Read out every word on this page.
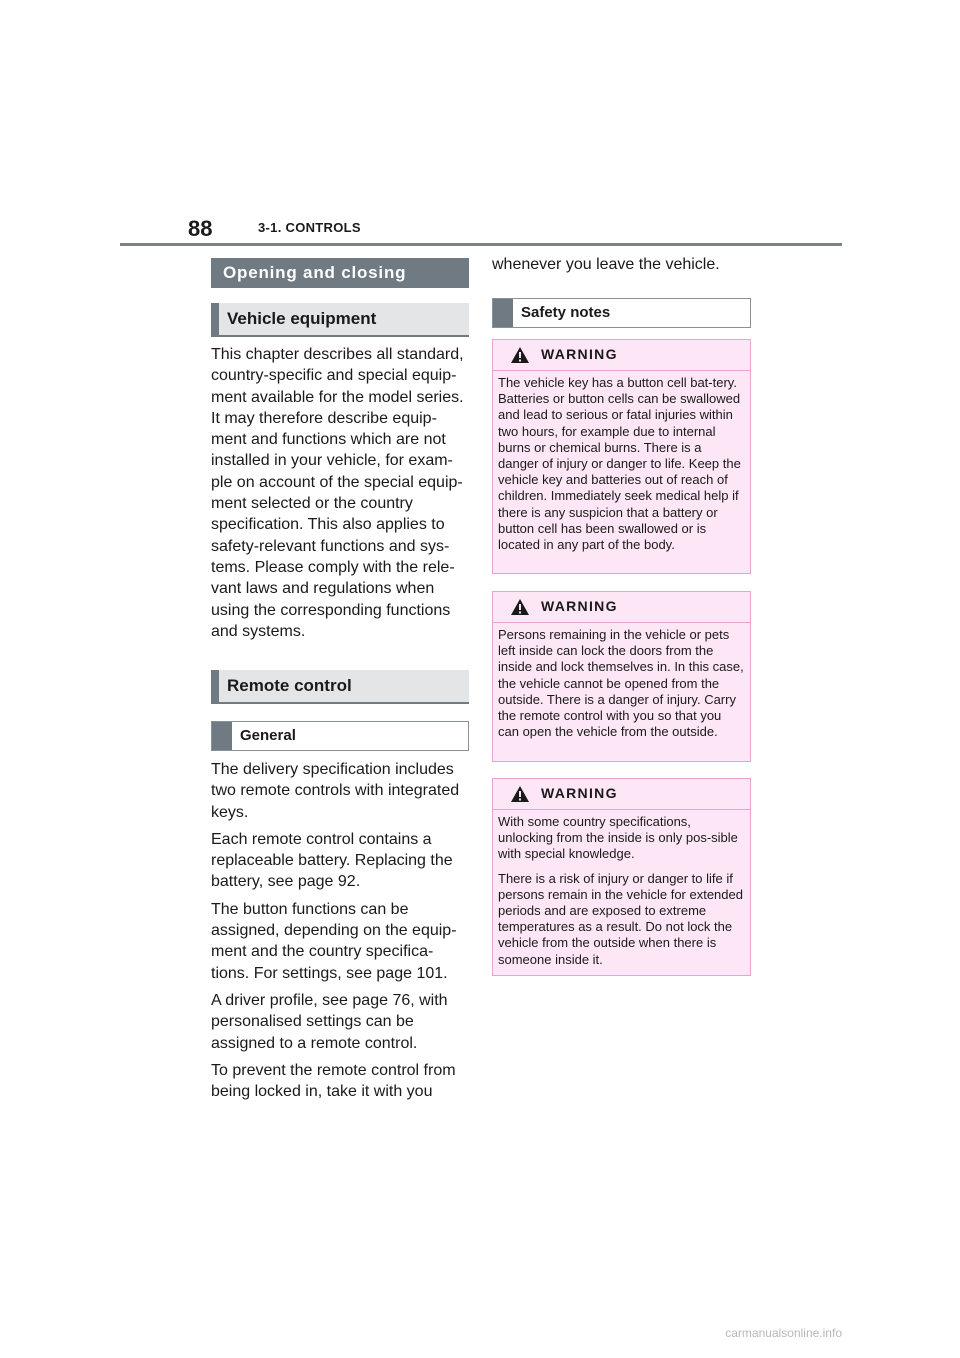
88	3-1. CONTROLS
Opening and closing
Vehicle equipment

This chapter describes all standard, country-specific and special equip-ment available for the model series. It may therefore describe equip-ment and functions which are not installed in your vehicle, for exam-ple on account of the special equip-ment selected or the country specification. This also applies to safety-relevant functions and sys-tems. Please comply with the rele-vant laws and regulations when using the corresponding functions and systems.

Remote control
General

The delivery specification includes two remote controls with integrated keys.

Each remote control contains a replaceable battery. Replacing the battery, see page 92.

The button functions can be assigned, depending on the equip-ment and the country specifica-tions. For settings, see page 101.

A driver profile, see page 76, with personalised settings can be assigned to a remote control.

To prevent the remote control from being locked in, take it with you

whenever you leave the vehicle.

Safety notes
WARNING

The vehicle key has a button cell bat-tery. Batteries or button cells can be swallowed and lead to serious or fatal injuries within two hours, for example due to internal burns or chemical burns. There is a danger of injury or danger to life. Keep the vehicle key and batteries out of reach of children. Immediately seek medical help if there is any suspicion that a battery or button cell has been swallowed or is located in any part of the body.

WARNING

Persons remaining in the vehicle or pets left inside can lock the doors from the inside and lock themselves in. In this case, the vehicle cannot be opened from the outside. There is a danger of injury. Carry the remote control with you so that you can open the vehicle from the outside.

WARNING

With some country specifications, unlocking from the inside is only pos-sible with special knowledge.

There is a risk of injury or danger to life if persons remain in the vehicle for extended periods and are exposed to extreme temperatures as a result. Do not lock the vehicle from the outside when there is someone inside it.

carmanualsonline.info
